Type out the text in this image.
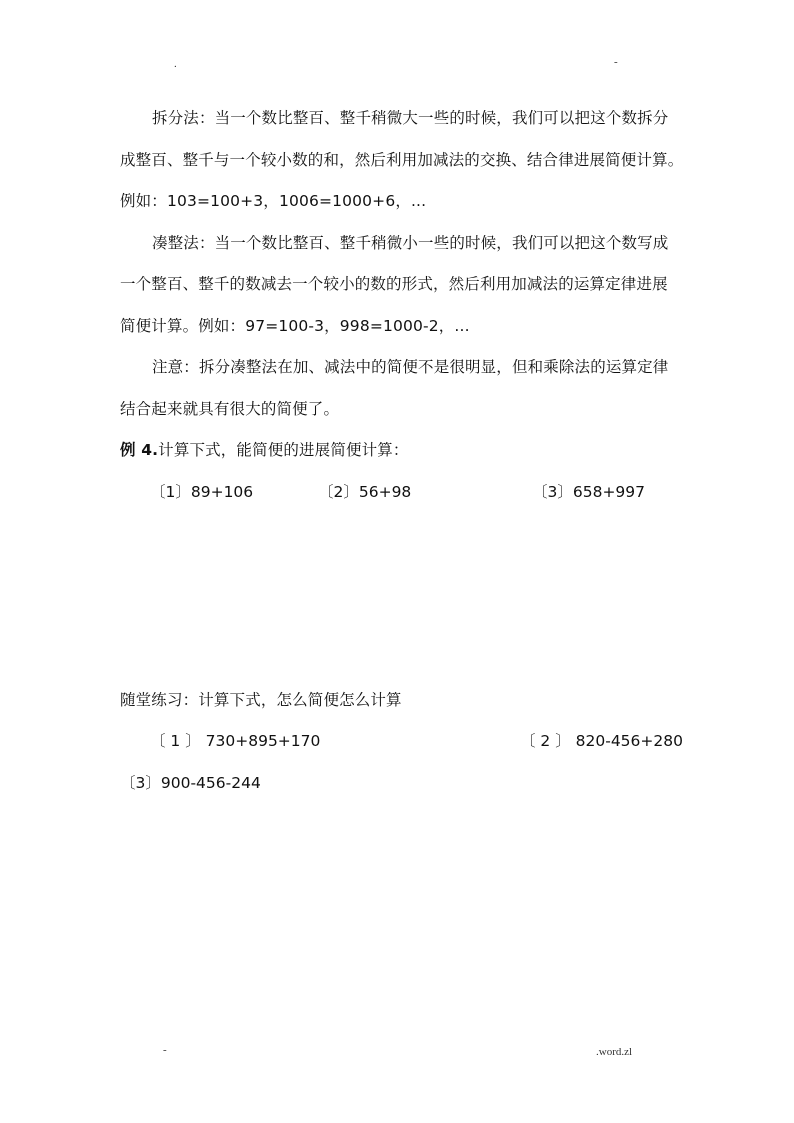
.	-
拆分法：当一个数比整百、整千稍微大一些的时候，我们可以把这个数拆分
成整百、整千与一个较小数的和，然后利用加减法的交换、结合律进展简便计算。
例如：103=100+3，1006=1000+6，...
凑整法：当一个数比整百、整千稍微小一些的时候，我们可以把这个数写成
一个整百、整千的数减去一个较小的数的形式，然后利用加减法的运算定律进展
简便计算。例如：97=100-3，998=1000-2，...
注意：拆分凑整法在加、减法中的简便不是很明显，但和乘除法的运算定律
结合起来就具有很大的简便了。
例 4.计算下式，能简便的进展简便计算：
〔1〕89+106	〔2〕56+98	〔3〕658+997
随堂练习：计算下式，怎么简便怎么计算
〔 1 〕 730+895+170	〔 2 〕 820-456+280
〔3〕900-456-244
-	.word.zl
